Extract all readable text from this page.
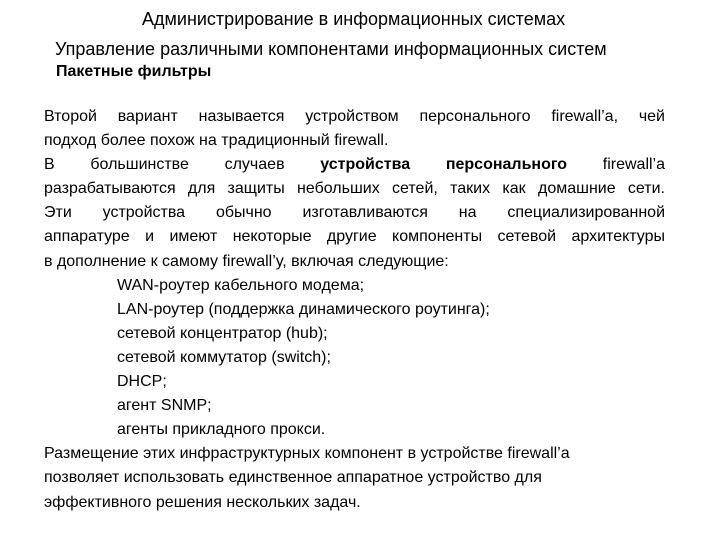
Администрирование в информационных системах
Управление различными компонентами информационных систем
Пакетные фильтры

Второй вариант называется устройством персонального firewall’a, чей

подход более похож на традиционный firewall.

В большинстве случаев устройства персонального firewall’a

разрабатываются для защиты небольших сетей, таких как домашние сети.

Эти устройства обычно изготавливаются на специализированной

аппаратуре и имеют некоторые другие компоненты сетевой архитектуры

в дополнение к самому firewall’у, включая следующие:

WAN-роутер кабельного модема;
LAN-роутер (поддержка динамического роутинга);
сетевой концентратор (hub);
сетевой коммутатор (switch);
DHCP;
агент SNMP;
агенты прикладного прокси.

Размещение этих инфраструктурных компонент в устройстве firewall’a

позволяет использовать единственное аппаратное устройство для

эффективного решения нескольких задач.
